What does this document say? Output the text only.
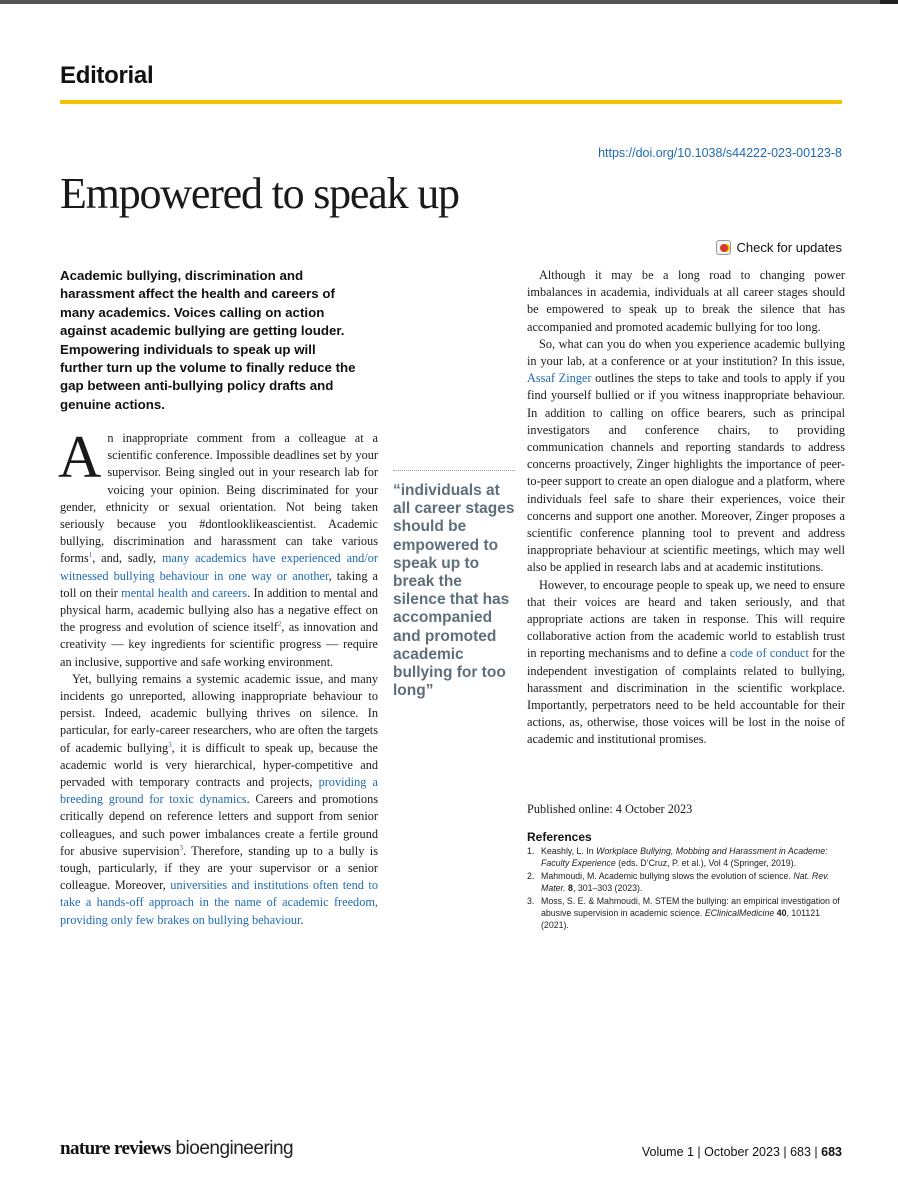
Editorial
https://doi.org/10.1038/s44222-023-00123-8
Empowered to speak up
Check for updates
Academic bullying, discrimination and harassment affect the health and careers of many academics. Voices calling on action against academic bullying are getting louder. Empowering individuals to speak up will further turn up the volume to finally reduce the gap between anti-bullying policy drafts and genuine actions.

An inappropriate comment from a colleague at a scientific conference. Impossible deadlines set by your supervisor. Being singled out in your research lab for voicing your opinion. Being discriminated for your gender, ethnicity or sexual orientation. Not being taken seriously because you #dontlooklikeascientist. Academic bullying, discrimination and harassment can take various forms$^1$, and, sadly, many academics have experienced and/or witnessed bullying behaviour in one way or another, taking a toll on their mental health and careers. In addition to mental and physical harm, academic bullying also has a negative effect on the progress and evolution of science itself$^2$, as innovation and creativity — key ingredients for scientific progress — require an inclusive, supportive and safe working environment.

Yet, bullying remains a systemic academic issue, and many incidents go unreported, allowing inappropriate behaviour to persist. Indeed, academic bullying thrives on silence. In particular, for early-career researchers, who are often the targets of academic bullying$^3$, it is difficult to speak up, because the academic world is very hierarchical, hyper-competitive and pervaded with temporary contracts and projects, providing a breeding ground for toxic dynamics. Careers and promotions critically depend on reference letters and support from senior colleagues, and such power imbalances create a fertile ground for abusive supervision$^3$. Therefore, standing up to a bully is tough, particularly, if they are your supervisor or a senior colleague. Moreover, universities and institutions often tend to take a hands-off approach in the name of academic freedom, providing only few brakes on bullying behaviour.

“individuals at all career stages should be empowered to speak up to break the silence that has accompanied and promoted academic bullying for too long”

Although it may be a long road to changing power imbalances in academia, individuals at all career stages should be empowered to speak up to break the silence that has accompanied and promoted academic bullying for too long.

So, what can you do when you experience academic bullying in your lab, at a conference or at your institution? In this issue, Assaf Zinger outlines the steps to take and tools to apply if you find yourself bullied or if you witness inappropriate behaviour. In addition to calling on office bearers, such as principal investigators and conference chairs, to providing communication channels and reporting standards to address concerns proactively, Zinger highlights the importance of peer-to-peer support to create an open dialogue and a platform, where individuals feel safe to share their experiences, voice their concerns and support one another. Moreover, Zinger proposes a scientific conference planning tool to prevent and address inappropriate behaviour at scientific meetings, which may well also be applied in research labs and at academic institutions.

However, to encourage people to speak up, we need to ensure that their voices are heard and taken seriously, and that appropriate actions are taken in response. This will require collaborative action from the academic world to establish trust in reporting mechanisms and to define a code of conduct for the independent investigation of complaints related to bullying, harassment and discrimination in the scientific workplace. Importantly, perpetrators need to be held accountable for their actions, as, otherwise, those voices will be lost in the noise of academic and institutional promises.

Published online: 4 October 2023
References
1. Keashly, L. In Workplace Bullying, Mobbing and Harassment in Academe: Faculty Experience (eds. D’Cruz, P. et al.), Vol 4 (Springer, 2019).
2. Mahmoudi, M. Academic bullying slows the evolution of science. Nat. Rev. Mater. 8, 301–303 (2023).
3. Moss, S. E. & Mahmoudi, M. STEM the bullying: an empirical investigation of abusive supervision in academic science. EClinicalMedicine 40, 101121 (2021).
nature reviews bioengineering	Volume 1 | October 2023 | 683 | 683
